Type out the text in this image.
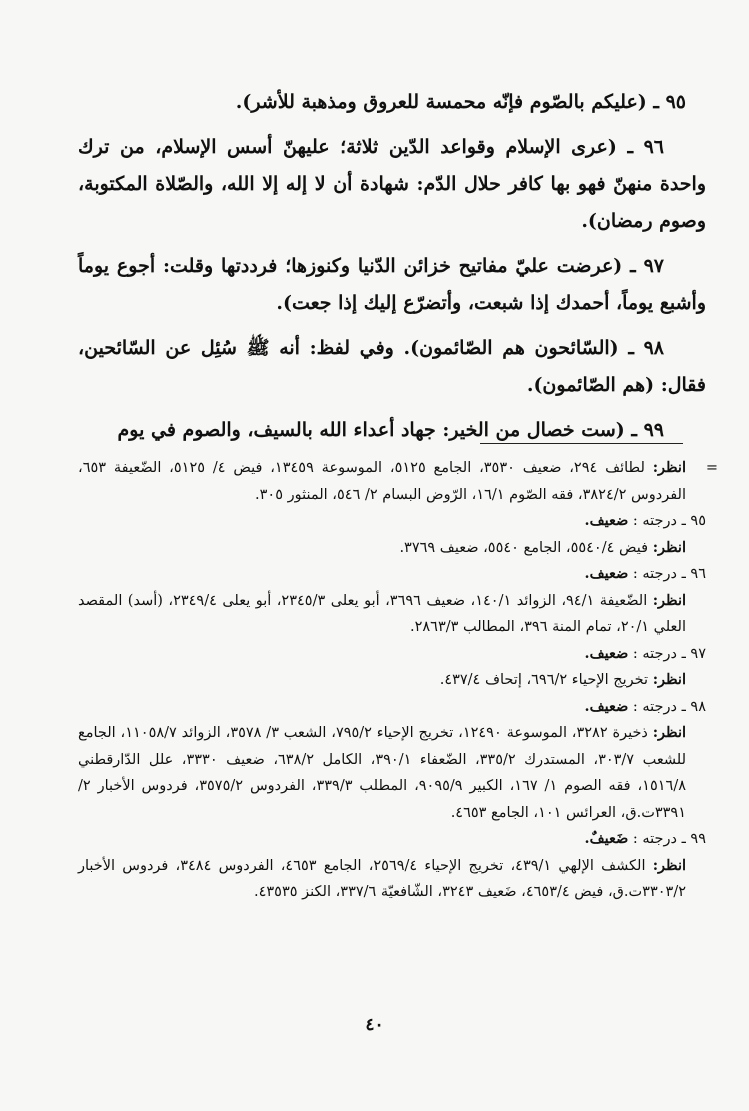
٩٥ ـ (عليكم بالصّوم فإنّه محمسة للعروق ومذهبة للأشر).

٩٦ ـ (عرى الإسلام وقواعد الدّين ثلاثة؛ عليهنّ أسس الإسلام، من ترك واحدة منهنّ فهو بها كافر حلال الدّم: شهادة أن لا إله إلا الله، والصّلاة المكتوبة، وصوم رمضان).

٩٧ ـ (عرضت عليّ مفاتيح خزائن الدّنيا وكنوزها؛ فرددتها وقلت: أجوع يوماً وأشبع يوماً، أحمدك إذا شبعت، وأتضرّع إليك إذا جعت).

٩٨ ـ (السّائحون هم الصّائمون). وفي لفظ: أنه ﷺ سُئِل عن السّائحين، فقال: (هم الصّائمون).

٩٩ ـ (ست خصال من الخير: جهاد أعداء الله بالسيف، والصوم في يوم

=
انظر: لطائف ٢٩٤، ضعيف ٣٥٣٠، الجامع ٥١٢٥، الموسوعة ١٣٤٥٩، فيض ٤/ ٥١٢٥، الضّعيفة ٦٥٣، الفردوس ٣٨٢٤/٢، فقه الصّوم ١٦/١، الرّوض البسام ٢/ ٥٤٦، المنثور ٣٠٥.

٩٥ ـ درجته : ضعيف.

انظر: فيض ٥٥٤٠/٤، الجامع ٥٥٤٠، ضعيف ٣٧٦٩.

٩٦ ـ درجته : ضعيف.

انظر: الضّعيفة ٩٤/١، الزوائد ١٤٠/١، ضعيف ٣٦٩٦، أبو يعلى ٢٣٤٥/٣، أبو يعلى ٢٣٤٩/٤، (أسد) المقصد العلي ٢٠/١، تمام المنة ٣٩٦، المطالب ٢٨٦٣/٣.

٩٧ ـ درجته : ضعيف.

انظر: تخريج الإحياء ٦٩٦/٢، إتحاف ٤٣٧/٤.

٩٨ ـ درجته : ضعيف.

انظر: ذخيرة ٣٢٨٢، الموسوعة ١٢٤٩٠، تخريج الإحياء ٧٩٥/٢، الشعب ٣/ ٣٥٧٨، الزوائد ١١٠٥٨/٧، الجامع للشعب ٣٠٣/٧، المستدرك ٣٣٥/٢، الضّعفاء ٣٩٠/١، الكامل ٦٣٨/٢، ضعيف ٣٣٣٠، علل الدّارقطني ١٥١٦/٨، فقه الصوم ١/ ١٦٧، الكبير ٩٠٩٥/٩، المطلب ٣٣٩/٣، الفردوس ٣٥٧٥/٢، فردوس الأخبار ٢/ ٣٣٩١ت.ق، العرائس ١٠١، الجامع ٤٦٥٣.

٩٩ ـ درجته : ضَعيفٌ.

انظر: الكشف الإلهي ٤٣٩/١، تخريج الإحياء ٢٥٦٩/٤، الجامع ٤٦٥٣، الفردوس ٣٤٨٤، فردوس الأخبار ٣٣٠٣/٢ت.ق، فيض ٤٦٥٣/٤، ضَعيف ٣٢٤٣، الشّافعيّة ٣٣٧/٦، الكنز ٤٣٥٣٥.

٤٠
